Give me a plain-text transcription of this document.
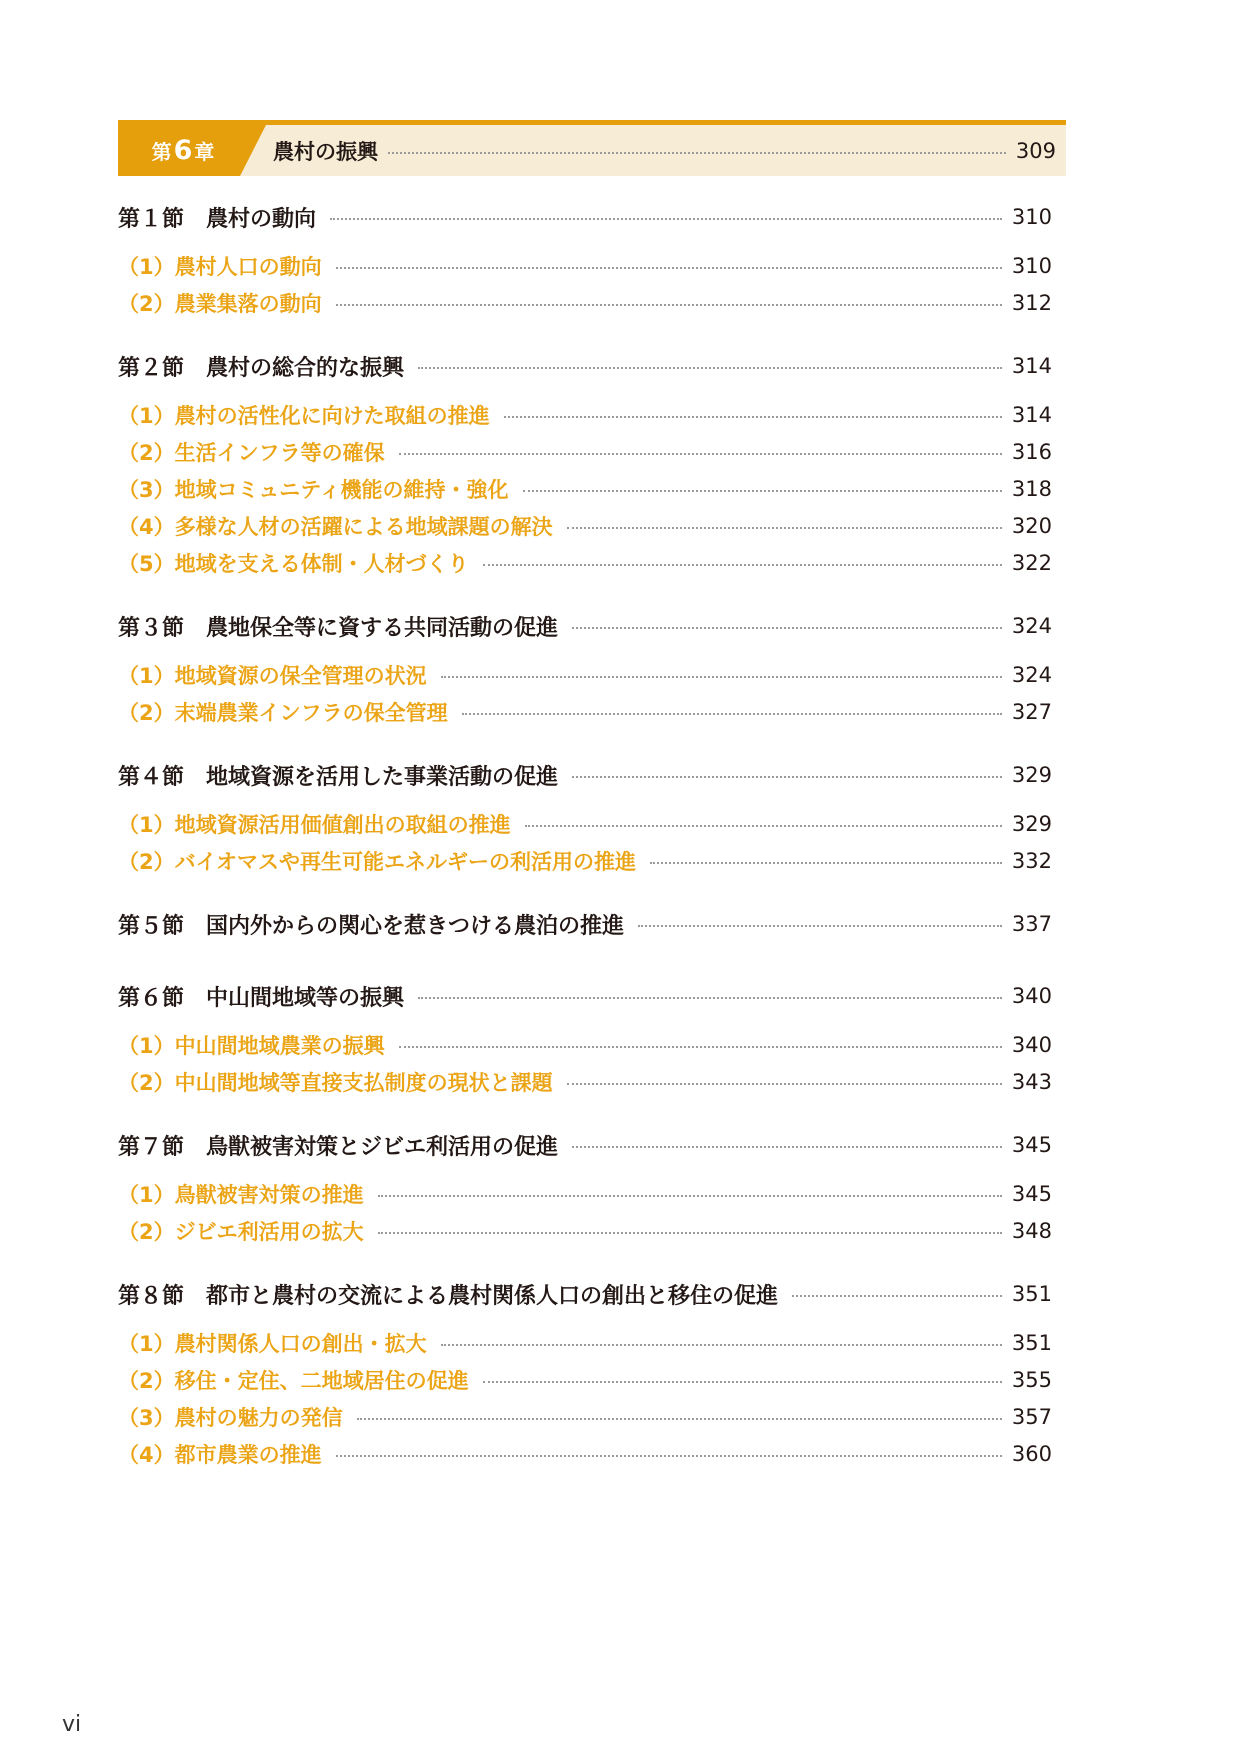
第 6 章	農村の振興	309
第１節　農村の動向	310
（1）農村人口の動向	310
（2）農業集落の動向	312
第２節　農村の総合的な振興	314
（1）農村の活性化に向けた取組の推進	314
（2）生活インフラ等の確保	316
（3）地域コミュニティ機能の維持・強化	318
（4）多様な人材の活躍による地域課題の解決	320
（5）地域を支える体制・人材づくり	322
第３節　農地保全等に資する共同活動の促進	324
（1）地域資源の保全管理の状況	324
（2）末端農業インフラの保全管理	327
第４節　地域資源を活用した事業活動の促進	329
（1）地域資源活用価値創出の取組の推進	329
（2）バイオマスや再生可能エネルギーの利活用の推進	332
第５節　国内外からの関心を惹きつける農泊の推進	337
第６節　中山間地域等の振興	340
（1）中山間地域農業の振興	340
（2）中山間地域等直接支払制度の現状と課題	343
第７節　鳥獣被害対策とジビエ利活用の促進	345
（1）鳥獣被害対策の推進	345
（2）ジビエ利活用の拡大	348
第８節　都市と農村の交流による農村関係人口の創出と移住の促進	351
（1）農村関係人口の創出・拡大	351
（2）移住・定住、二地域居住の促進	355
（3）農村の魅力の発信	357
（4）都市農業の推進	360
vi
